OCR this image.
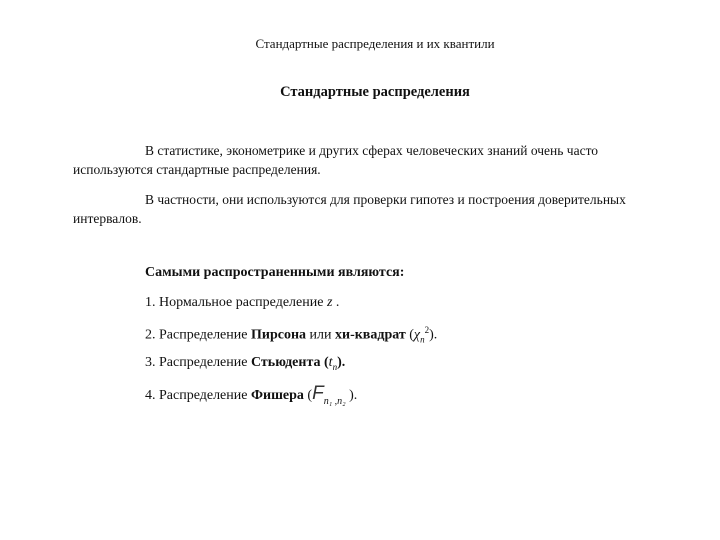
Стандартные распределения и их квантили
Стандартные распределения
В статистике, эконометрике и других сферах человеческих знаний очень часто используются стандартные распределения.
В частности, они используются для проверки гипотез и построения доверительных интервалов.
Самыми распространенными являются:
1. Нормальное распределение z .
2. Распределение Пирсона или хи-квадрат $(\chi_n^2)$.
3. Распределение Стьюдента $(t_n)$.
4. Распределение Фишера ($F_{n_1 ,n_2}$ ).
